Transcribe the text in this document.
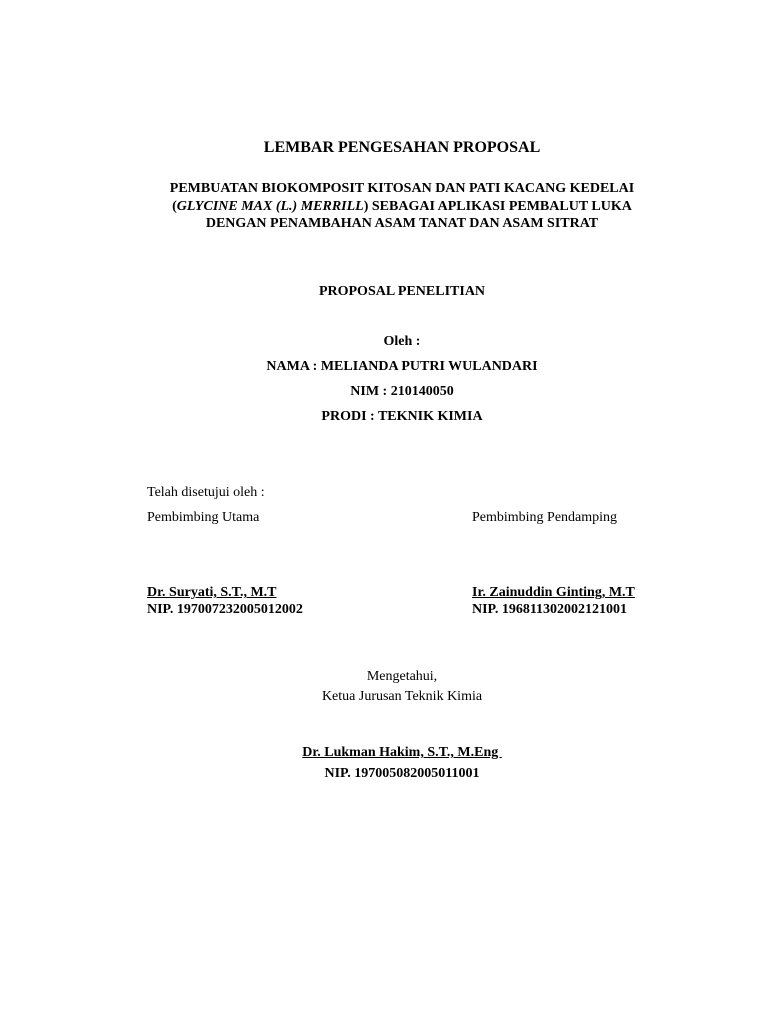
LEMBAR PENGESAHAN PROPOSAL
PEMBUATAN BIOKOMPOSIT KITOSAN DAN PATI KACANG KEDELAI (GLYCINE MAX (L.) MERRILL) SEBAGAI APLIKASI PEMBALUT LUKA DENGAN PENAMBAHAN ASAM TANAT DAN ASAM SITRAT
PROPOSAL PENELITIAN
Oleh :
NAMA : MELIANDA PUTRI WULANDARI
NIM : 210140050
PRODI : TEKNIK KIMIA
Telah disetujui oleh :
Pembimbing Utama	Pembimbing Pendamping
Dr. Suryati, S.T., M.T
NIP. 197007232005012002
Ir. Zainuddin Ginting, M.T
NIP. 196811302002121001
Mengetahui,
Ketua Jurusan Teknik Kimia
Dr. Lukman Hakim, S.T., M.Eng
NIP. 197005082005011001
